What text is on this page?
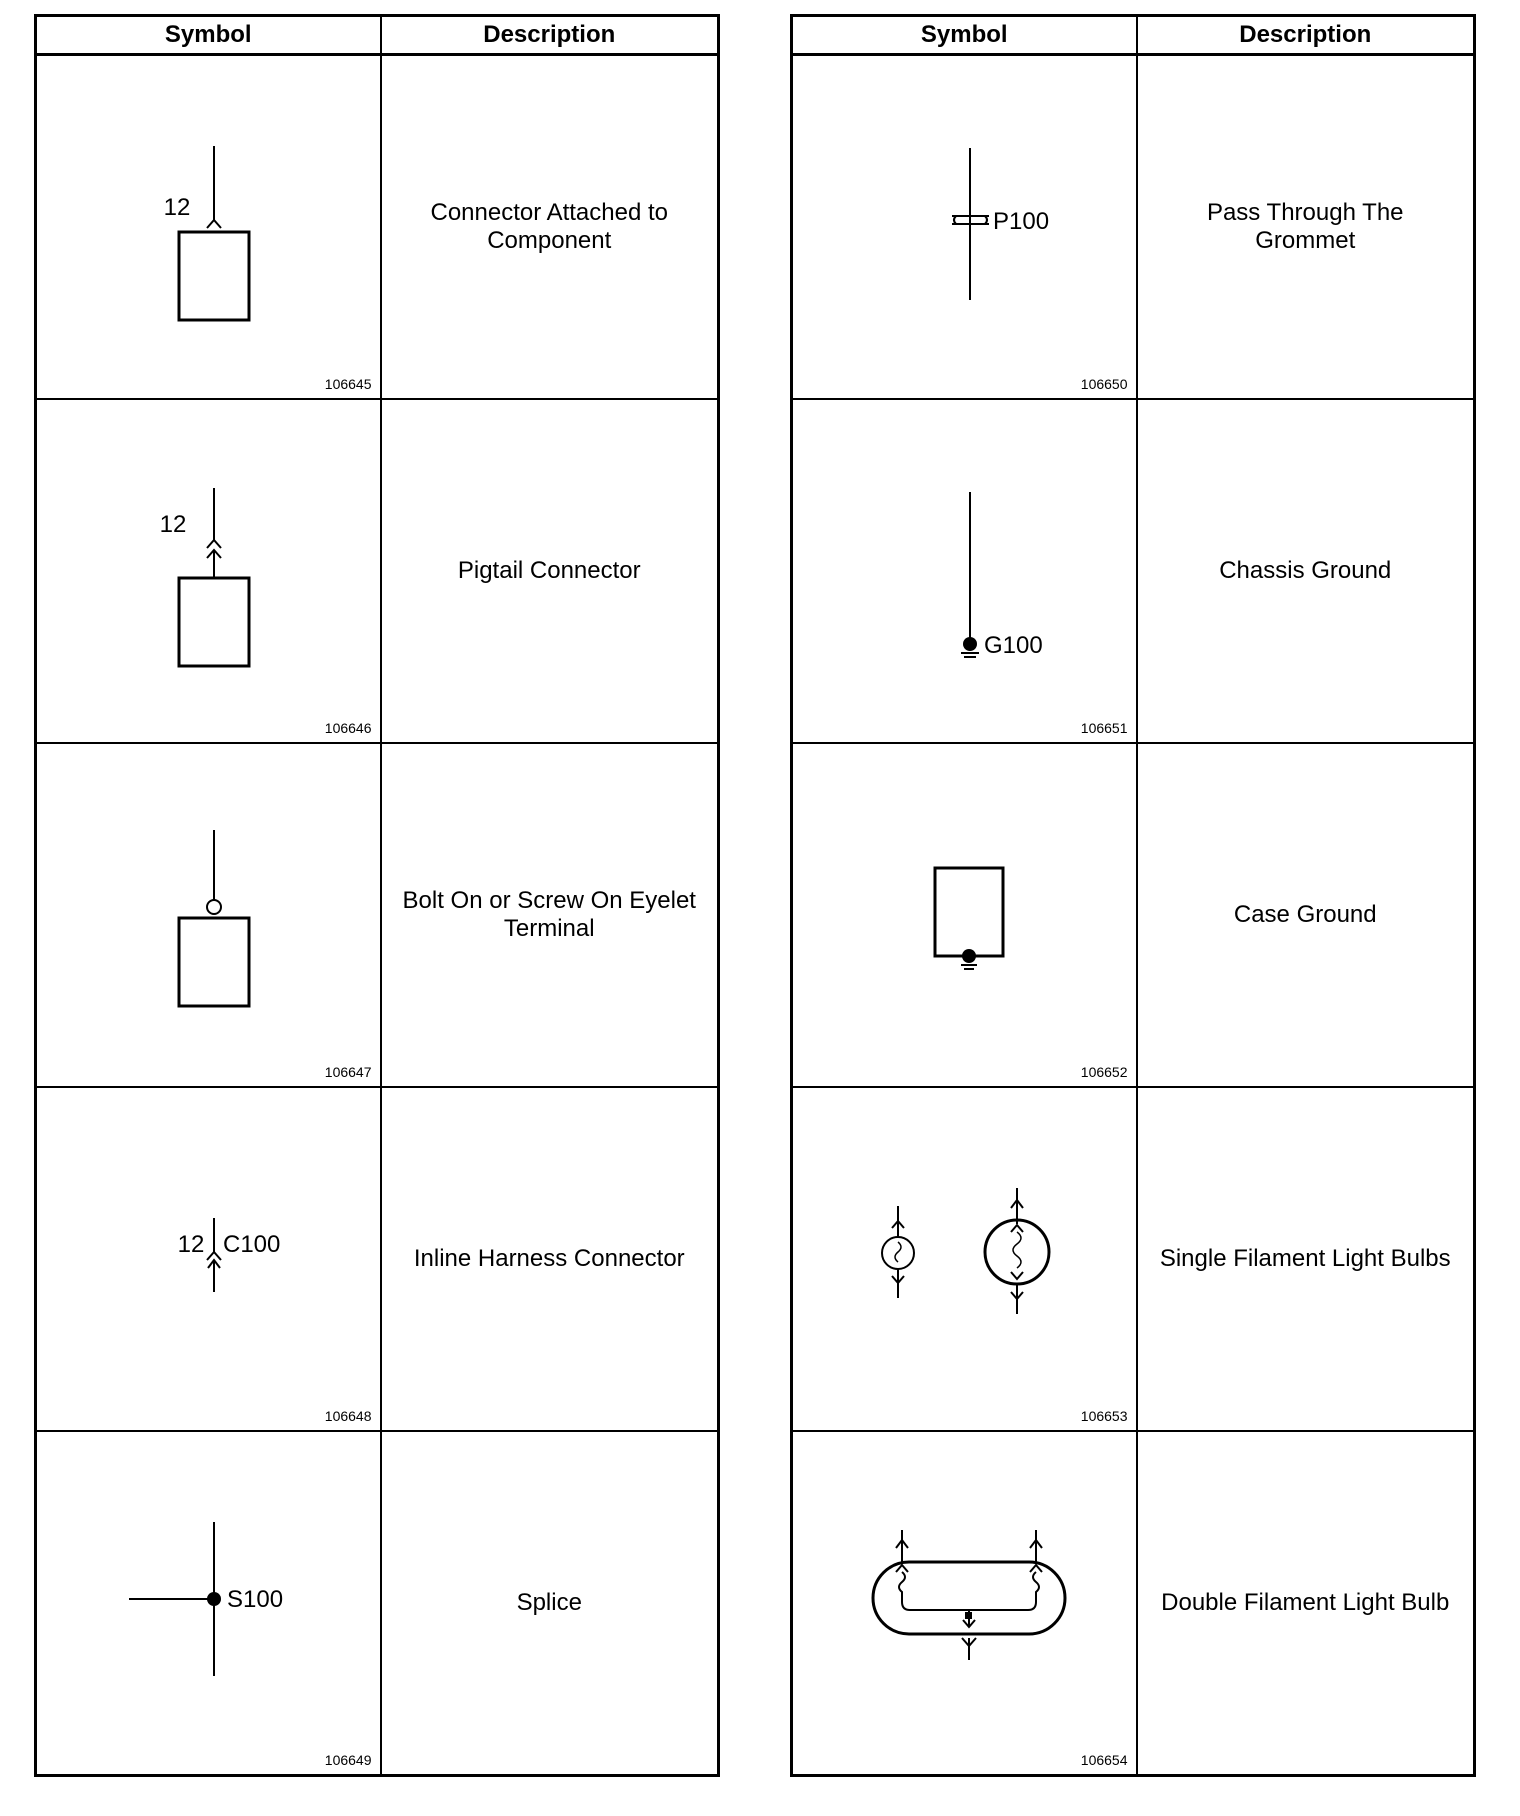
Symbol	Description

12
106645	Connector Attached to Component

12
106646	Pigtail Connector

106647	Bolt On or Screw On Eyelet Terminal

12 C100
106648	Inline Harness Connector

S100
106649	Splice
Symbol	Description

P100
106650	Pass Through The Grommet

G100
106651	Chassis Ground

106652	Case Ground

106653	Single Filament Light Bulbs

106654	Double Filament Light Bulb
